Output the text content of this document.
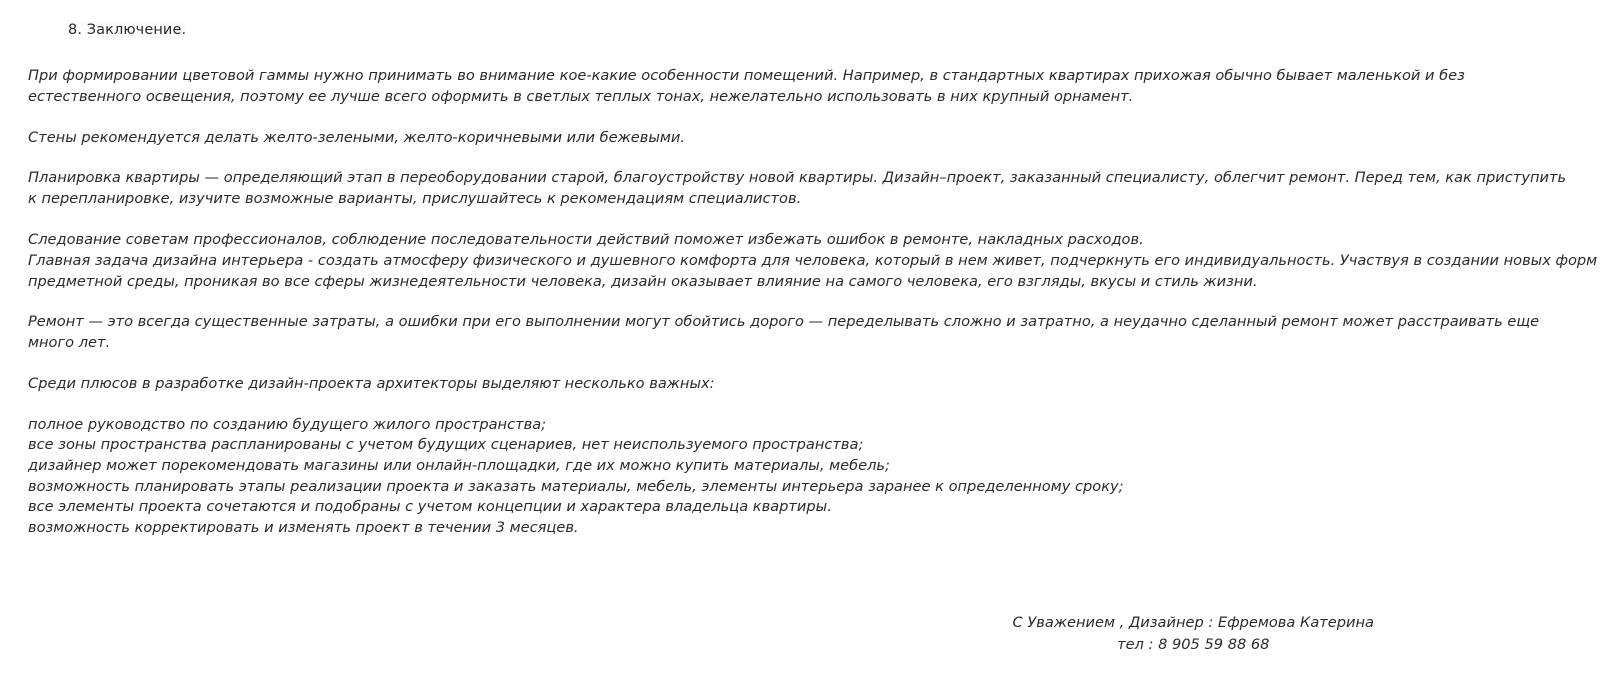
8. Заключение.

При формировании цветовой гаммы нужно принимать во внимание кое-какие особенности помещений. Например, в стандартных квартирах прихожая обычно бывает маленькой и без
естественного освещения, поэтому ее лучше всего оформить в светлых теплых тонах, нежелательно использовать в них крупный орнамент.

Стены рекомендуется делать желто-зелеными, желто-коричневыми или бежевыми.

Планировка квартиры — определяющий этап в переоборудовании старой, благоустройству новой квартиры. Дизайн–проект, заказанный специалисту, облегчит ремонт. Перед тем, как приступить
к перепланировке, изучите возможные варианты, прислушайтесь к рекомендациям специалистов.

Следование советам профессионалов, соблюдение последовательности действий поможет избежать ошибок в ремонте, накладных расходов.
Главная задача дизайна интерьера - создать атмосферу физического и душевного комфорта для человека, который в нем живет, подчеркнуть его индивидуальность. Участвуя в создании новых форм
предметной среды, проникая во все сферы жизнедеятельности человека, дизайн оказывает влияние на самого человека, его взгляды, вкусы и стиль жизни.

Ремонт — это всегда существенные затраты, а ошибки при его выполнении могут обойтись дорого — переделывать сложно и затратно, а неудачно сделанный ремонт может расстраивать еще
много лет.

Среди плюсов в разработке дизайн-проекта архитекторы выделяют несколько важных:

полное руководство по созданию будущего жилого пространства;
все зоны пространства распланированы с учетом будущих сценариев, нет неиспользуемого пространства;
дизайнер может порекомендовать магазины или онлайн-площадки, где их можно купить материалы, мебель;
возможность планировать этапы реализации проекта и заказать материалы, мебель, элементы интерьера заранее к определенному сроку;
все элементы проекта сочетаются и подобраны с учетом концепции и характера владельца квартиры.
возможность корректировать и изменять проект в течении 3 месяцев.
С Уважением , Дизайнер : Ефремова Катерина
тел : 8 905 59 88 68
